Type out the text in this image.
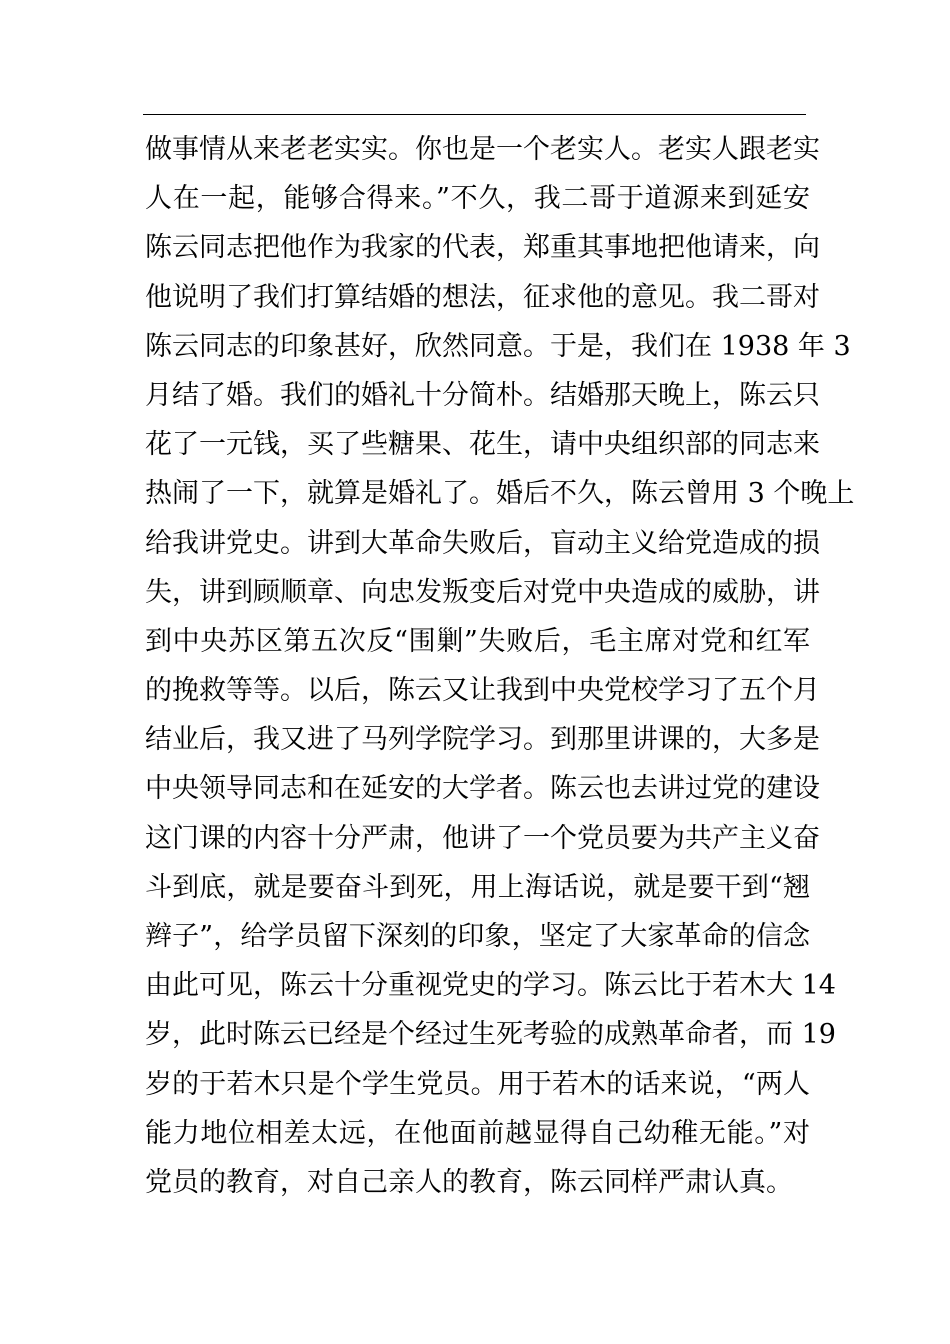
做事情从来老老实实。你也是一个老实人。老实人跟老实
人在一起，能够合得来。”不久，我二哥于道源来到延安
陈云同志把他作为我家的代表，郑重其事地把他请来，向
他说明了我们打算结婚的想法，征求他的意见。我二哥对
陈云同志的印象甚好，欣然同意。于是，我们在 1938 年 3
月结了婚。我们的婚礼十分简朴。结婚那天晚上，陈云只
花了一元钱，买了些糖果、花生，请中央组织部的同志来
热闹了一下，就算是婚礼了。婚后不久，陈云曾用 3 个晚上
给我讲党史。讲到大革命失败后，盲动主义给党造成的损
失，讲到顾顺章、向忠发叛变后对党中央造成的威胁，讲
到中央苏区第五次反“围剿”失败后，毛主席对党和红军
的挽救等等。以后，陈云又让我到中央党校学习了五个月
结业后，我又进了马列学院学习。到那里讲课的，大多是
中央领导同志和在延安的大学者。陈云也去讲过党的建设
这门课的内容十分严肃，他讲了一个党员要为共产主义奋
斗到底，就是要奋斗到死，用上海话说，就是要干到“翘
辫子”，给学员留下深刻的印象，坚定了大家革命的信念
由此可见，陈云十分重视党史的学习。陈云比于若木大 14
岁，此时陈云已经是个经过生死考验的成熟革命者，而 19
岁的于若木只是个学生党员。用于若木的话来说，“两人
能力地位相差太远，在他面前越显得自己幼稚无能。”对
党员的教育，对自己亲人的教育，陈云同样严肃认真。
